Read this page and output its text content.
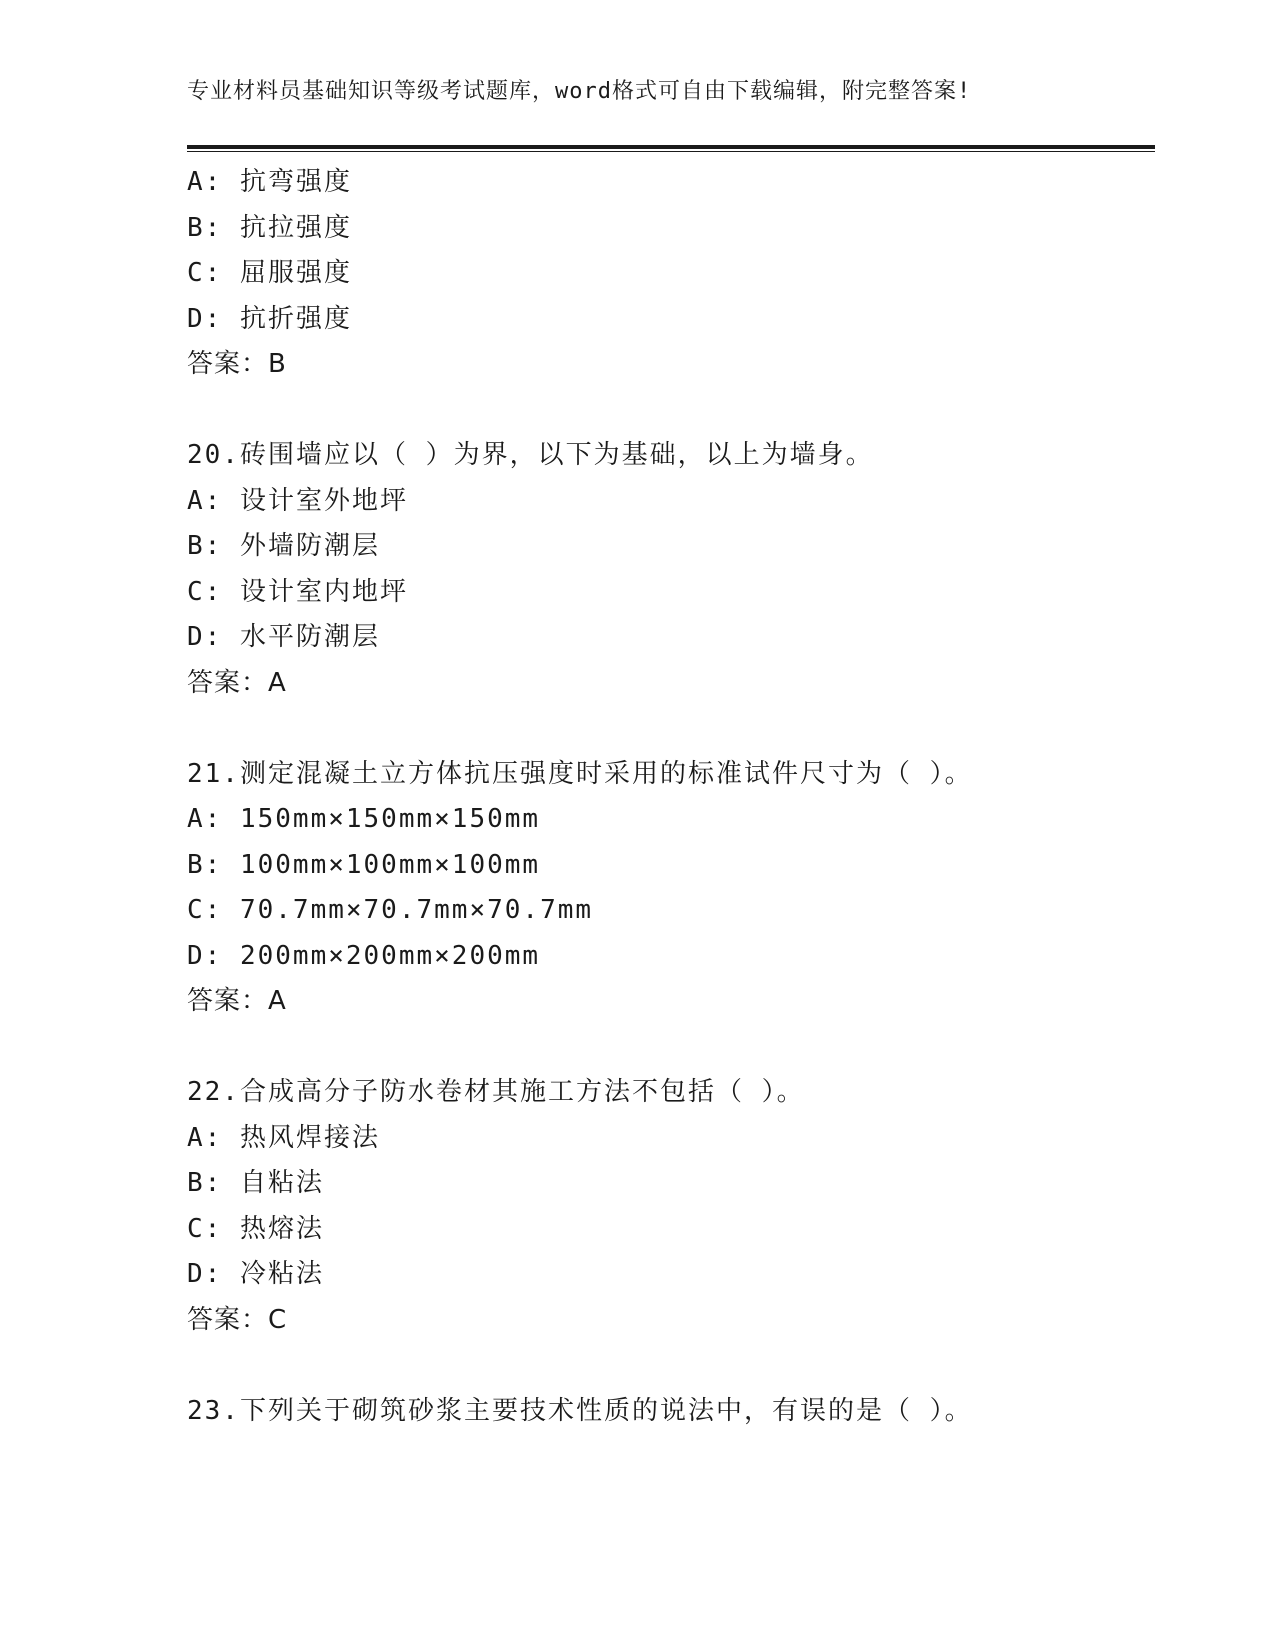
专业材料员基础知识等级考试题库，word格式可自由下载编辑，附完整答案!
A: 抗弯强度
B: 抗拉强度
C: 屈服强度
D: 抗折强度
答案：B
20.砖围墙应以（ ）为界，以下为基础，以上为墙身。
A: 设计室外地坪
B: 外墙防潮层
C: 设计室内地坪
D: 水平防潮层
答案：A
21.测定混凝土立方体抗压强度时采用的标准试件尺寸为（ ）。
A: 150mm×150mm×150mm
B: 100mm×100mm×100mm
C: 70.7mm×70.7mm×70.7mm
D: 200mm×200mm×200mm
答案：A
22.合成高分子防水卷材其施工方法不包括（ ）。
A: 热风焊接法
B: 自粘法
C: 热熔法
D: 冷粘法
答案：C
23.下列关于砌筑砂浆主要技术性质的说法中，有误的是（ ）。
